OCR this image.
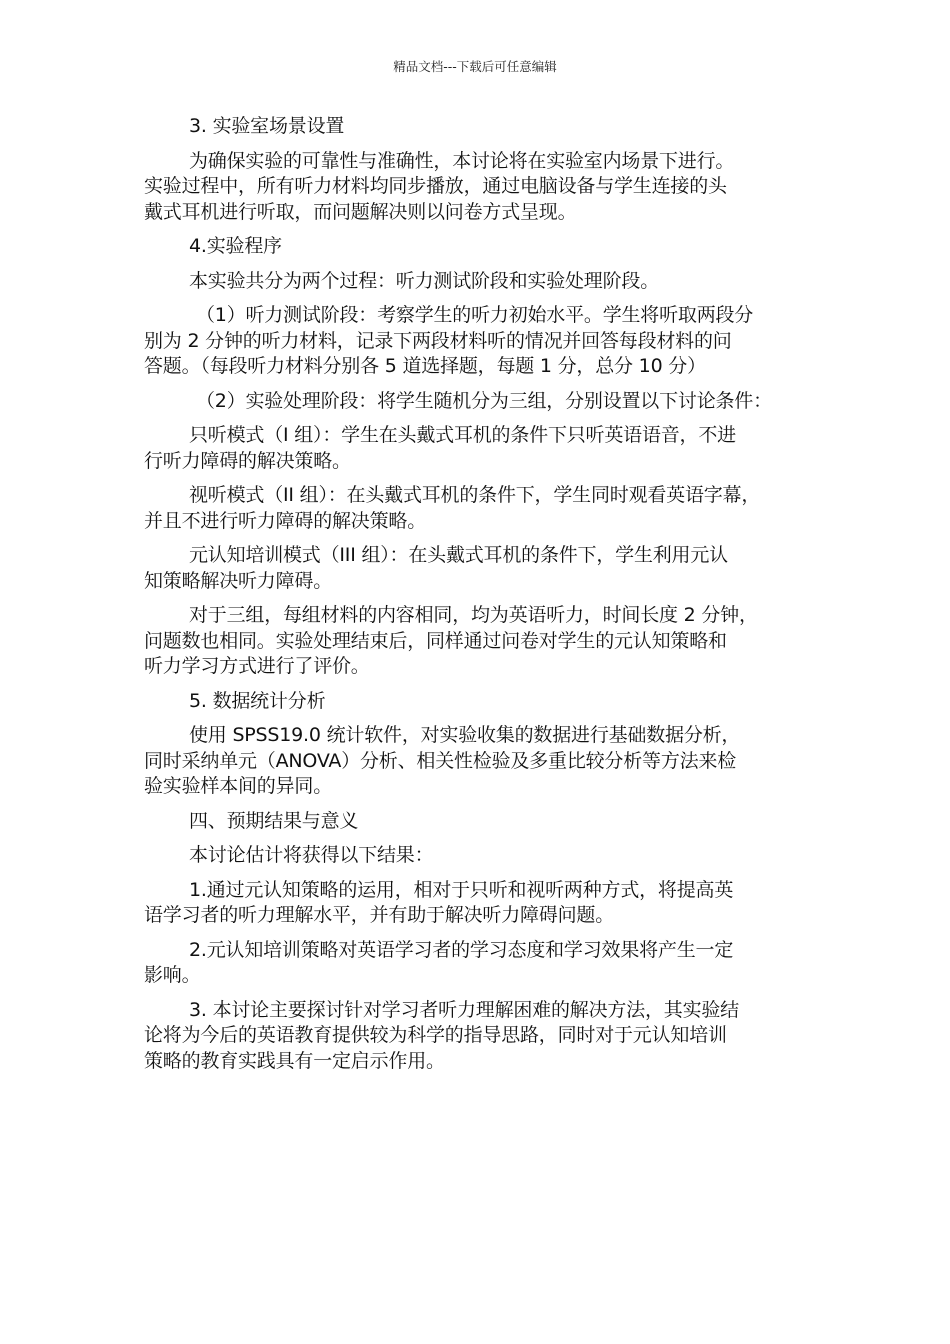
精品文档---下载后可任意编辑

3. 实验室场景设置

为确保实验的可靠性与准确性，本讨论将在实验室内场景下进行。
实验过程中，所有听力材料均同步播放，通过电脑设备与学生连接的头
戴式耳机进行听取，而问题解决则以问卷方式呈现。

4.实验程序

本实验共分为两个过程：听力测试阶段和实验处理阶段。

（1）听力测试阶段：考察学生的听力初始水平。学生将听取两段分
别为 2 分钟的听力材料，记录下两段材料听的情况并回答每段材料的问
答题。（每段听力材料分别各 5 道选择题，每题 1 分，总分 10 分）

（2）实验处理阶段：将学生随机分为三组，分别设置以下讨论条件：

只听模式（I 组）：学生在头戴式耳机的条件下只听英语语音，不进
行听力障碍的解决策略。

视听模式（II 组）：在头戴式耳机的条件下，学生同时观看英语字幕，
并且不进行听力障碍的解决策略。

元认知培训模式（III 组）：在头戴式耳机的条件下，学生利用元认
知策略解决听力障碍。

对于三组，每组材料的内容相同，均为英语听力，时间长度 2 分钟，
问题数也相同。实验处理结束后，同样通过问卷对学生的元认知策略和
听力学习方式进行了评价。

5. 数据统计分析

使用 SPSS19.0 统计软件，对实验收集的数据进行基础数据分析，
同时采纳单元（ANOVA）分析、相关性检验及多重比较分析等方法来检
验实验样本间的异同。

四、预期结果与意义

本讨论估计将获得以下结果：

1.通过元认知策略的运用，相对于只听和视听两种方式，将提高英
语学习者的听力理解水平，并有助于解决听力障碍问题。

2.元认知培训策略对英语学习者的学习态度和学习效果将产生一定
影响。

3. 本讨论主要探讨针对学习者听力理解困难的解决方法，其实验结
论将为今后的英语教育提供较为科学的指导思路，同时对于元认知培训
策略的教育实践具有一定启示作用。
